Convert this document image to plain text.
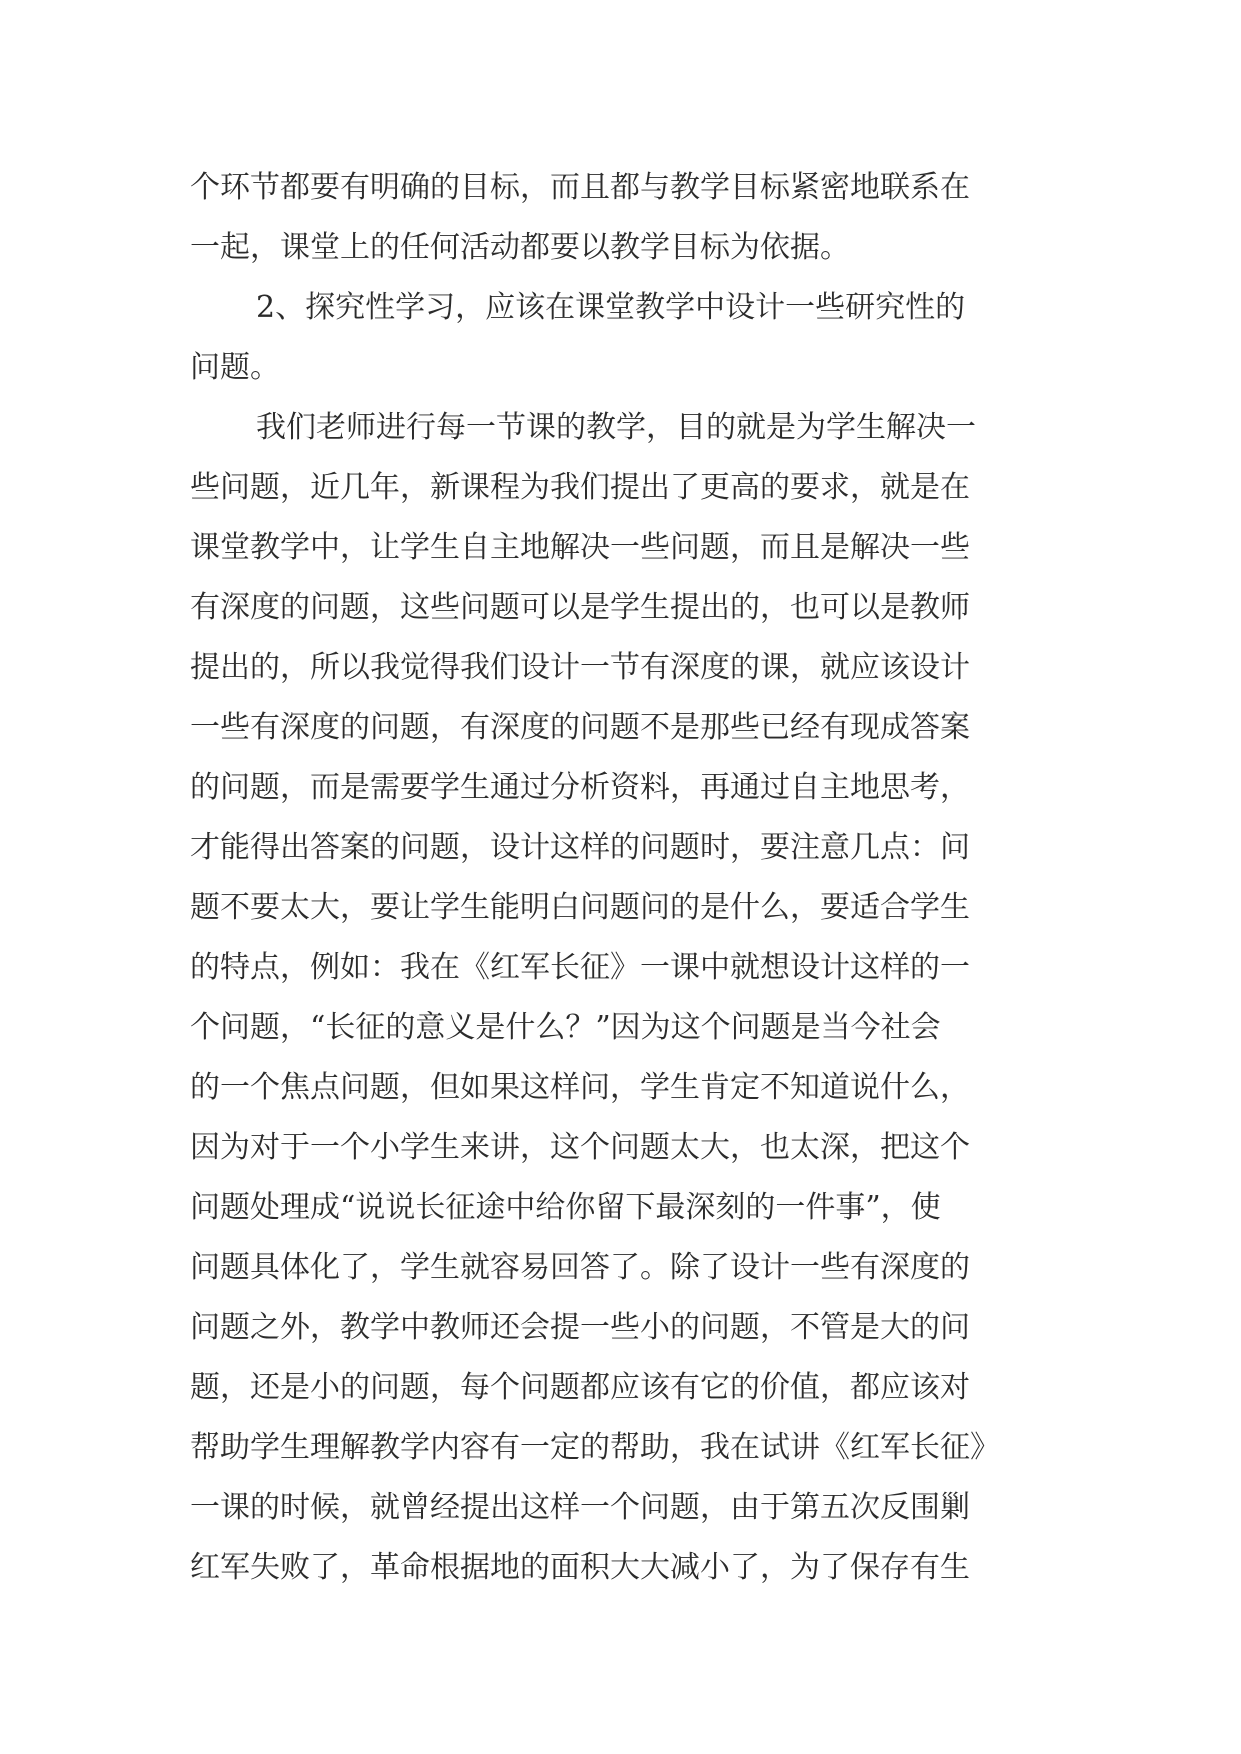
个环节都要有明确的目标，而且都与教学目标紧密地联系在
一起，课堂上的任何活动都要以教学目标为依据。
2、探究性学习，应该在课堂教学中设计一些研究性的
问题。
我们老师进行每一节课的教学，目的就是为学生解决一
些问题，近几年，新课程为我们提出了更高的要求，就是在
课堂教学中，让学生自主地解决一些问题，而且是解决一些
有深度的问题，这些问题可以是学生提出的，也可以是教师
提出的，所以我觉得我们设计一节有深度的课，就应该设计
一些有深度的问题，有深度的问题不是那些已经有现成答案
的问题，而是需要学生通过分析资料，再通过自主地思考，
才能得出答案的问题，设计这样的问题时，要注意几点：问
题不要太大，要让学生能明白问题问的是什么，要适合学生
的特点，例如：我在《红军长征》一课中就想设计这样的一
个问题，“长征的意义是什么？”因为这个问题是当今社会
的一个焦点问题，但如果这样问，学生肯定不知道说什么，
因为对于一个小学生来讲，这个问题太大，也太深，把这个
问题处理成“说说长征途中给你留下最深刻的一件事”，使
问题具体化了，学生就容易回答了。除了设计一些有深度的
问题之外，教学中教师还会提一些小的问题，不管是大的问
题，还是小的问题，每个问题都应该有它的价值，都应该对
帮助学生理解教学内容有一定的帮助，我在试讲《红军长征》
一课的时候，就曾经提出这样一个问题，由于第五次反围剿
红军失败了，革命根据地的面积大大减小了，为了保存有生
